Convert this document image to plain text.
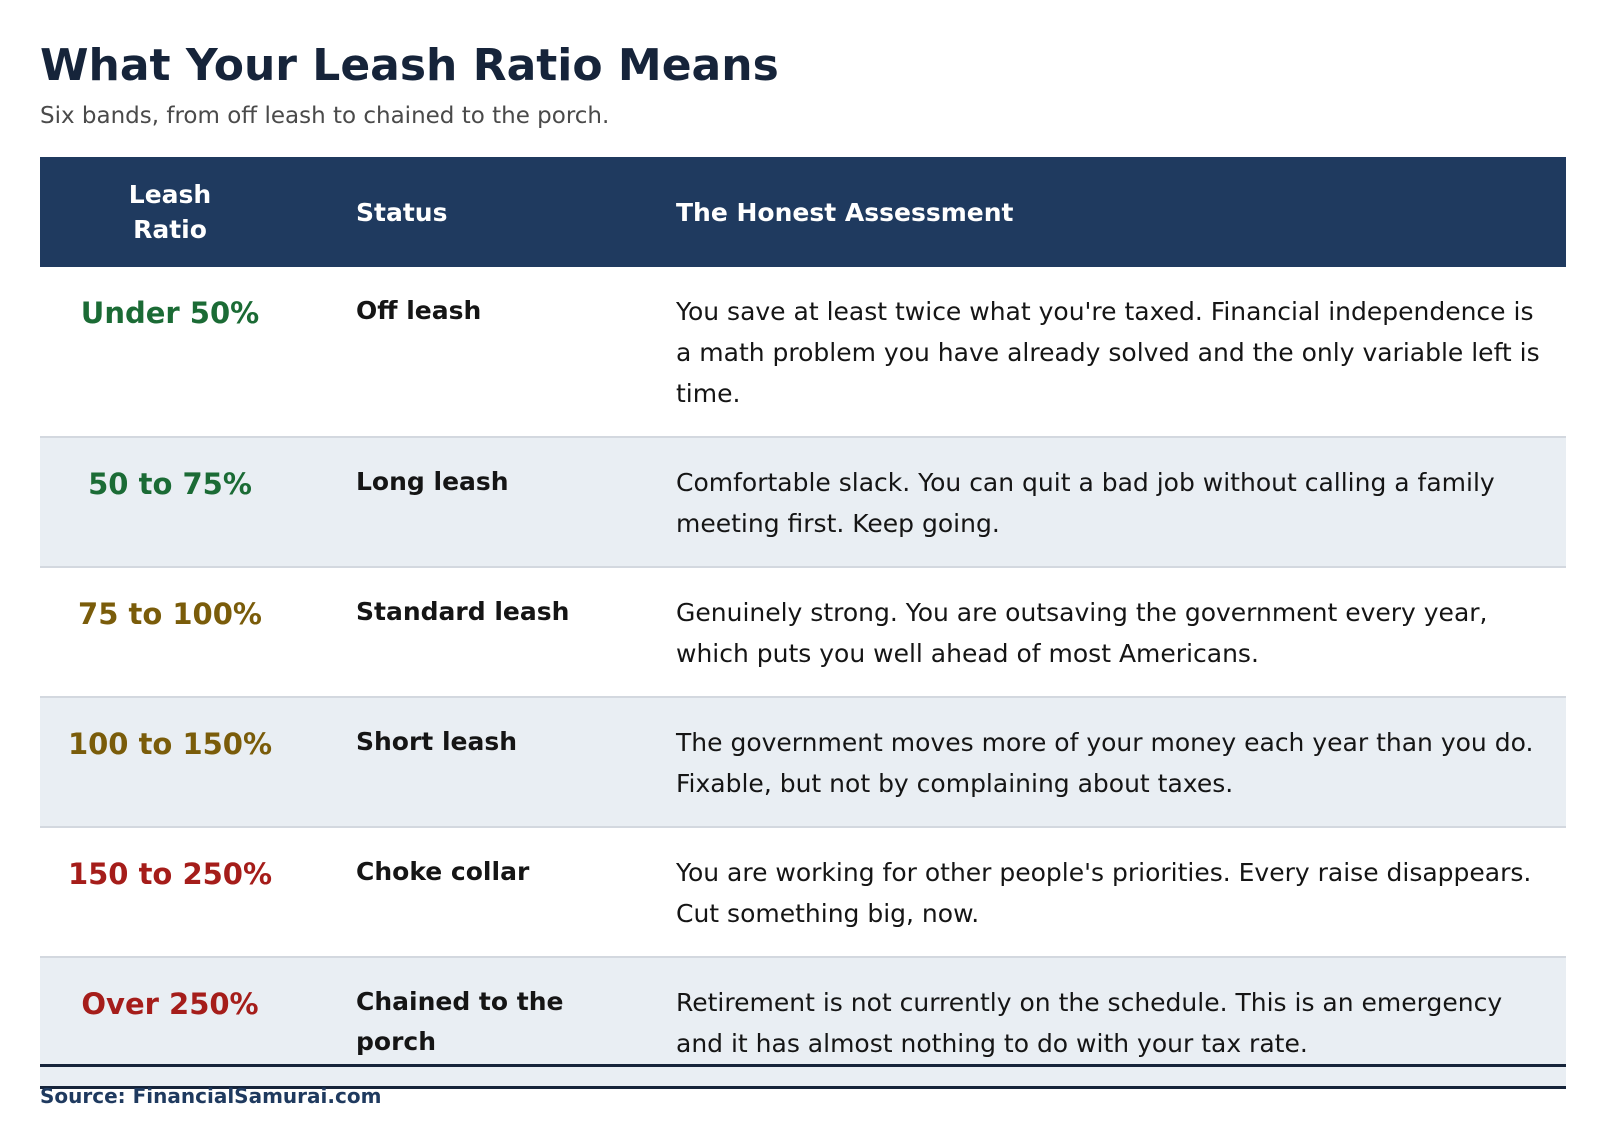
What Your Leash Ratio Means

Six bands, from off leash to chained to the porch.

Leash Ratio	Status	The Honest Assessment
Under 50%	Off leash	You save at least twice what you're taxed. Financial independence is a math problem you have already solved and the only variable left is time.
50 to 75%	Long leash	Comfortable slack. You can quit a bad job without calling a family meeting first. Keep going.
75 to 100%	Standard leash	Genuinely strong. You are outsaving the government every year, which puts you well ahead of most Americans.
100 to 150%	Short leash	The government moves more of your money each year than you do. Fixable, but not by complaining about taxes.
150 to 250%	Choke collar	You are working for other people's priorities. Every raise disappears. Cut something big, now.
Over 250%	Chained to the porch	Retirement is not currently on the schedule. This is an emergency and it has almost nothing to do with your tax rate.

Source: FinancialSamurai.com
